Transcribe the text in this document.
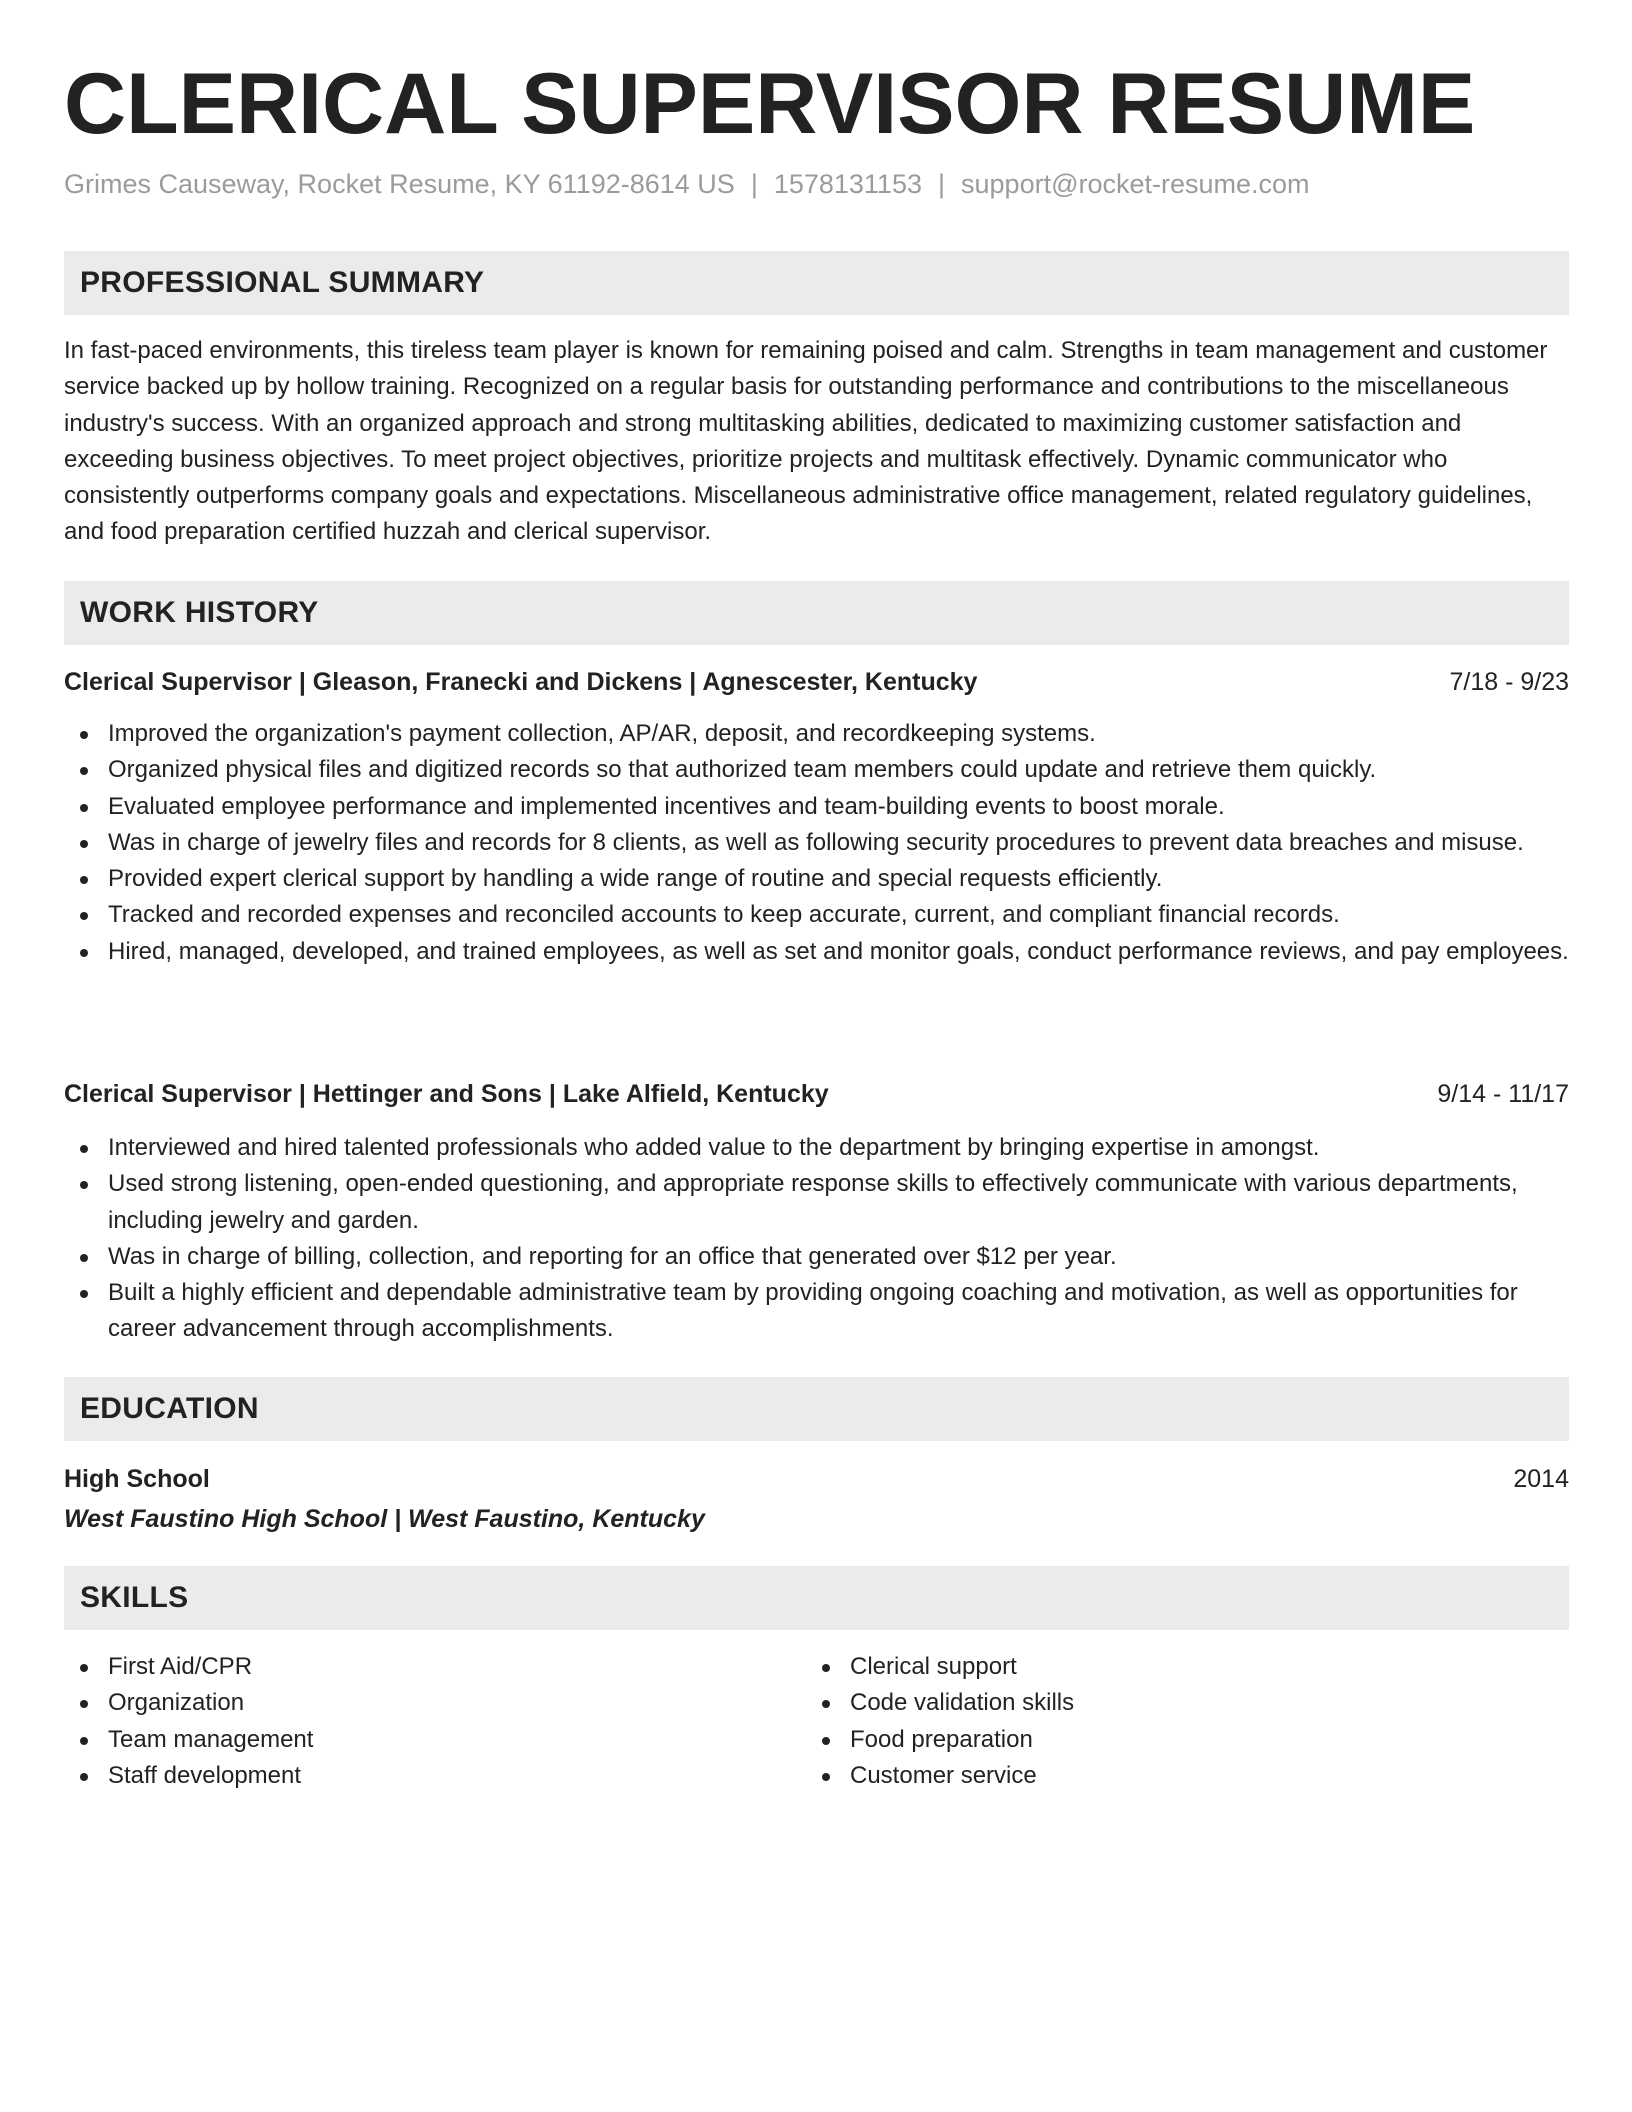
CLERICAL SUPERVISOR RESUME
Grimes Causeway, Rocket Resume, KY 61192-8614 US | 1578131153 | support@rocket-resume.com
PROFESSIONAL SUMMARY

In fast-paced environments, this tireless team player is known for remaining poised and calm. Strengths in team management and customer service backed up by hollow training. Recognized on a regular basis for outstanding performance and contributions to the miscellaneous industry's success. With an organized approach and strong multitasking abilities, dedicated to maximizing customer satisfaction and exceeding business objectives. To meet project objectives, prioritize projects and multitask effectively. Dynamic communicator who consistently outperforms company goals and expectations. Miscellaneous administrative office management, related regulatory guidelines, and food preparation certified huzzah and clerical supervisor.

WORK HISTORY
Clerical Supervisor | Gleason, Franecki and Dickens | Agnescester, Kentucky	7/18 - 9/23
Improved the organization's payment collection, AP/AR, deposit, and recordkeeping systems.
Organized physical files and digitized records so that authorized team members could update and retrieve them quickly.
Evaluated employee performance and implemented incentives and team-building events to boost morale.
Was in charge of jewelry files and records for 8 clients, as well as following security procedures to prevent data breaches and misuse.
Provided expert clerical support by handling a wide range of routine and special requests efficiently.
Tracked and recorded expenses and reconciled accounts to keep accurate, current, and compliant financial records.
Hired, managed, developed, and trained employees, as well as set and monitor goals, conduct performance reviews, and pay employees.
Clerical Supervisor | Hettinger and Sons | Lake Alfield, Kentucky	9/14 - 11/17
Interviewed and hired talented professionals who added value to the department by bringing expertise in amongst.
Used strong listening, open-ended questioning, and appropriate response skills to effectively communicate with various departments, including jewelry and garden.
Was in charge of billing, collection, and reporting for an office that generated over $12 per year.
Built a highly efficient and dependable administrative team by providing ongoing coaching and motivation, as well as opportunities for career advancement through accomplishments.
EDUCATION
High School	2014
West Faustino High School | West Faustino, Kentucky
SKILLS
First Aid/CPR
Organization
Team management
Staff development
Clerical support
Code validation skills
Food preparation
Customer service
